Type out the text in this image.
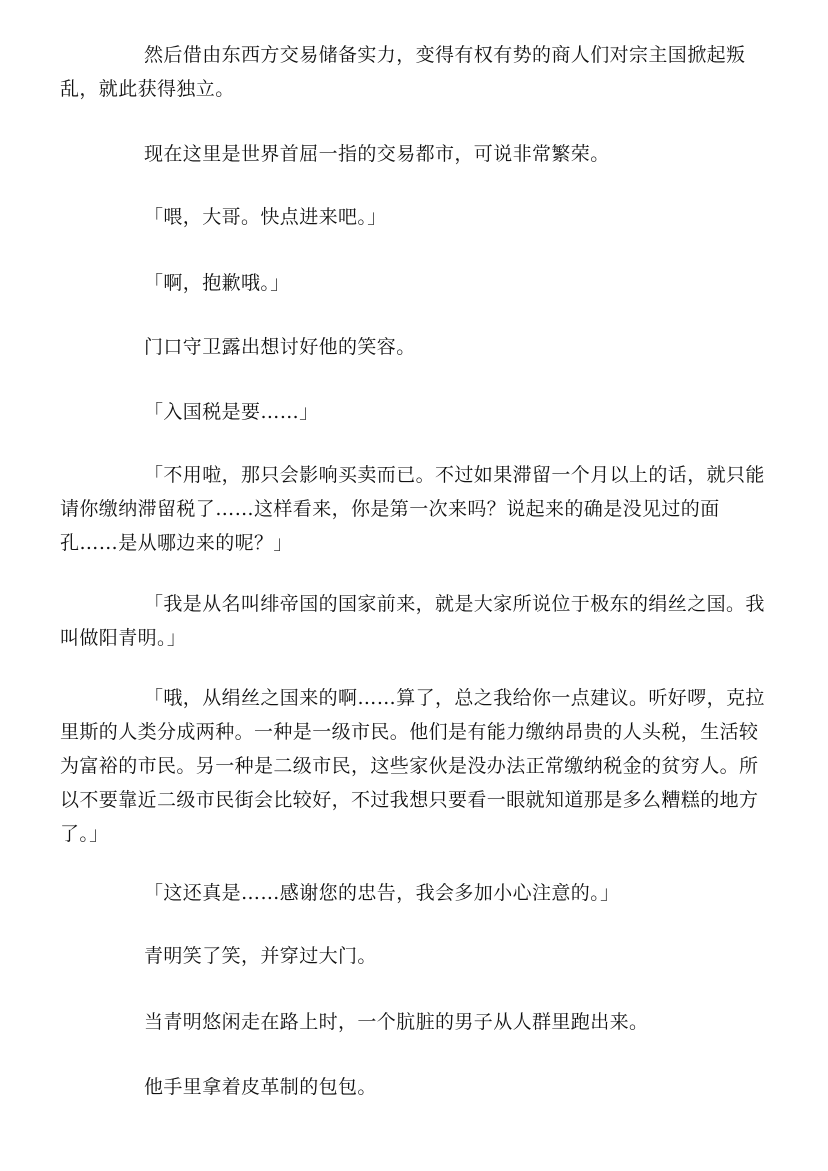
然后借由东西方交易储备实力，变得有权有势的商人们对宗主国掀起叛乱，就此获得独立。

现在这里是世界首屈一指的交易都市，可说非常繁荣。

「喂，大哥。快点进来吧。」

「啊，抱歉哦。」

门口守卫露出想讨好他的笑容。

「入国税是要……」

「不用啦，那只会影响买卖而已。不过如果滞留一个月以上的话，就只能请你缴纳滞留税了……这样看来，你是第一次来吗？说起来的确是没见过的面孔……是从哪边来的呢？」

「我是从名叫绯帝国的国家前来，就是大家所说位于极东的绢丝之国。我叫做阳青明。」

「哦，从绢丝之国来的啊……算了，总之我给你一点建议。听好啰，克拉里斯的人类分成两种。一种是一级市民。他们是有能力缴纳昂贵的人头税，生活较为富裕的市民。另一种是二级市民，这些家伙是没办法正常缴纳税金的贫穷人。所以不要靠近二级市民街会比较好，不过我想只要看一眼就知道那是多么糟糕的地方了。」

「这还真是……感谢您的忠告，我会多加小心注意的。」

青明笑了笑，并穿过大门。

当青明悠闲走在路上时，一个肮脏的男子从人群里跑出来。

他手里拿着皮革制的包包。
